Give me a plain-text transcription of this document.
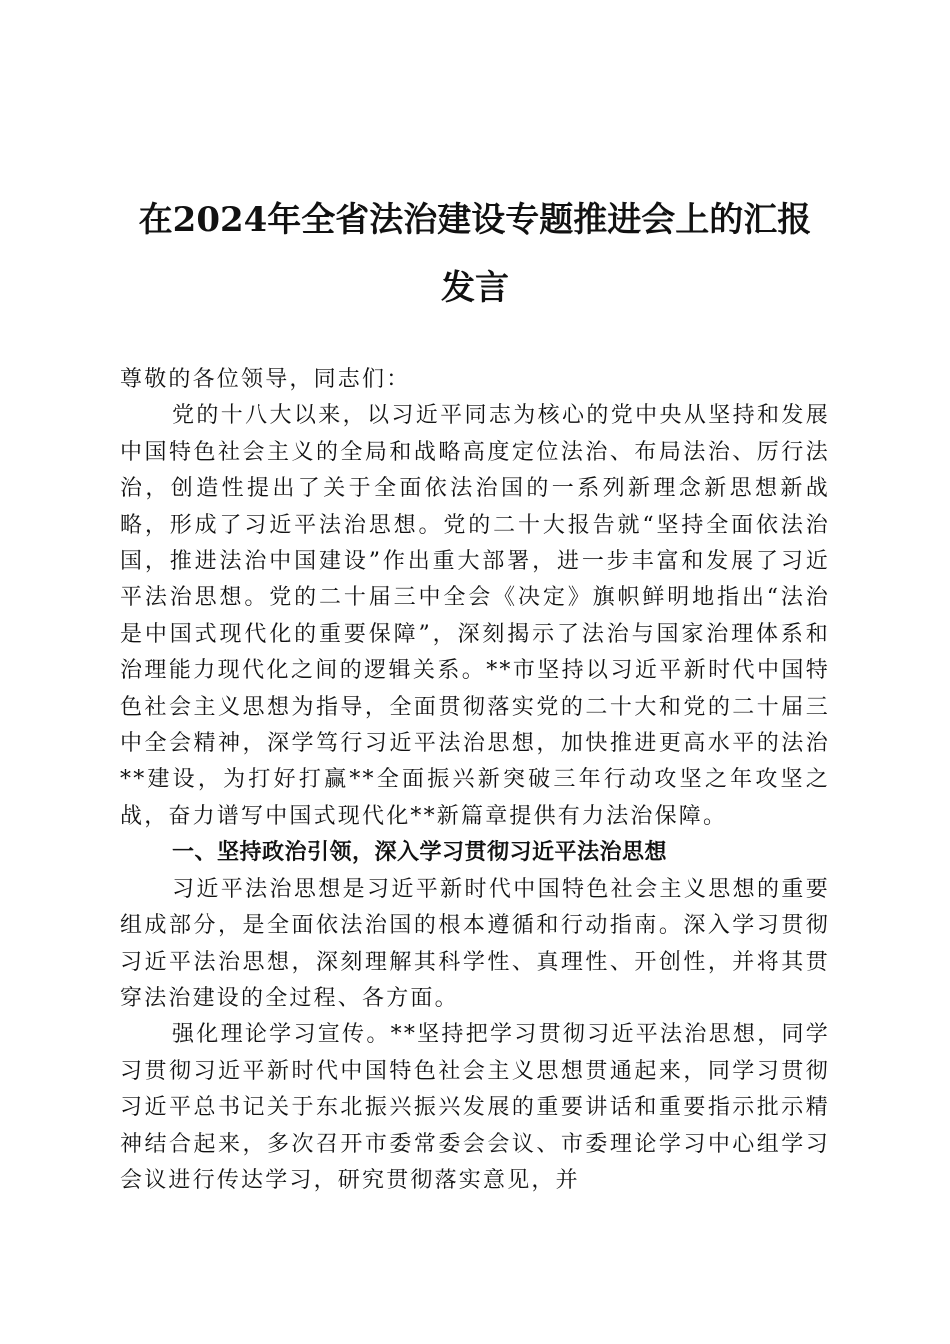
在2024年全省法治建设专题推进会上的汇报
发言

尊敬的各位领导，同志们：

党的十八大以来，以习近平同志为核心的党中央从坚持和发展中国特色社会主义的全局和战略高度定位法治、布局法治、厉行法治，创造性提出了关于全面依法治国的一系列新理念新思想新战略，形成了习近平法治思想。党的二十大报告就“坚持全面依法治国，推进法治中国建设”作出重大部署，进一步丰富和发展了习近平法治思想。党的二十届三中全会《决定》旗帜鲜明地指出“法治是中国式现代化的重要保障”，深刻揭示了法治与国家治理体系和治理能力现代化之间的逻辑关系。**市坚持以习近平新时代中国特色社会主义思想为指导，全面贯彻落实党的二十大和党的二十届三中全会精神，深学笃行习近平法治思想，加快推进更高水平的法治**建设，为打好打赢**全面振兴新突破三年行动攻坚之年攻坚之战，奋力谱写中国式现代化**新篇章提供有力法治保障。

一、坚持政治引领，深入学习贯彻习近平法治思想

习近平法治思想是习近平新时代中国特色社会主义思想的重要组成部分，是全面依法治国的根本遵循和行动指南。深入学习贯彻习近平法治思想，深刻理解其科学性、真理性、开创性，并将其贯穿法治建设的全过程、各方面。

强化理论学习宣传。**坚持把学习贯彻习近平法治思想，同学习贯彻习近平新时代中国特色社会主义思想贯通起来，同学习贯彻习近平总书记关于东北振兴振兴发展的重要讲话和重要指示批示精神结合起来，多次召开市委常委会会议、市委理论学习中心组学习会议进行传达学习，研究贯彻落实意见，并
